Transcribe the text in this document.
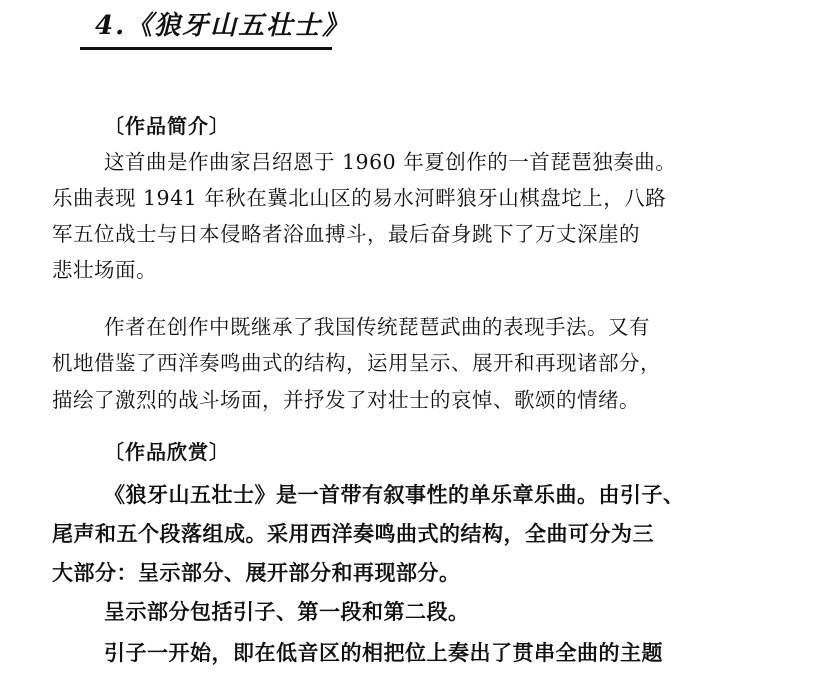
4.《狼牙山五壮士》
〔作品简介〕
这首曲是作曲家吕绍恩于 1960 年夏创作的一首琵琶独奏曲。
乐曲表现 1941 年秋在冀北山区的易水河畔狼牙山棋盘坨上，八路
军五位战士与日本侵略者浴血搏斗，最后奋身跳下了万丈深崖的
悲壮场面。
作者在创作中既继承了我国传统琵琶武曲的表现手法。又有
机地借鉴了西洋奏鸣曲式的结构，运用呈示、展开和再现诸部分，
描绘了激烈的战斗场面，并抒发了对壮士的哀悼、歌颂的情绪。
〔作品欣赏〕
《狼牙山五壮士》是一首带有叙事性的单乐章乐曲。由引子、
尾声和五个段落组成。采用西洋奏鸣曲式的结构，全曲可分为三
大部分：呈示部分、展开部分和再现部分。
呈示部分包括引子、第一段和第二段。
引子一开始，即在低音区的相把位上奏出了贯串全曲的主题
